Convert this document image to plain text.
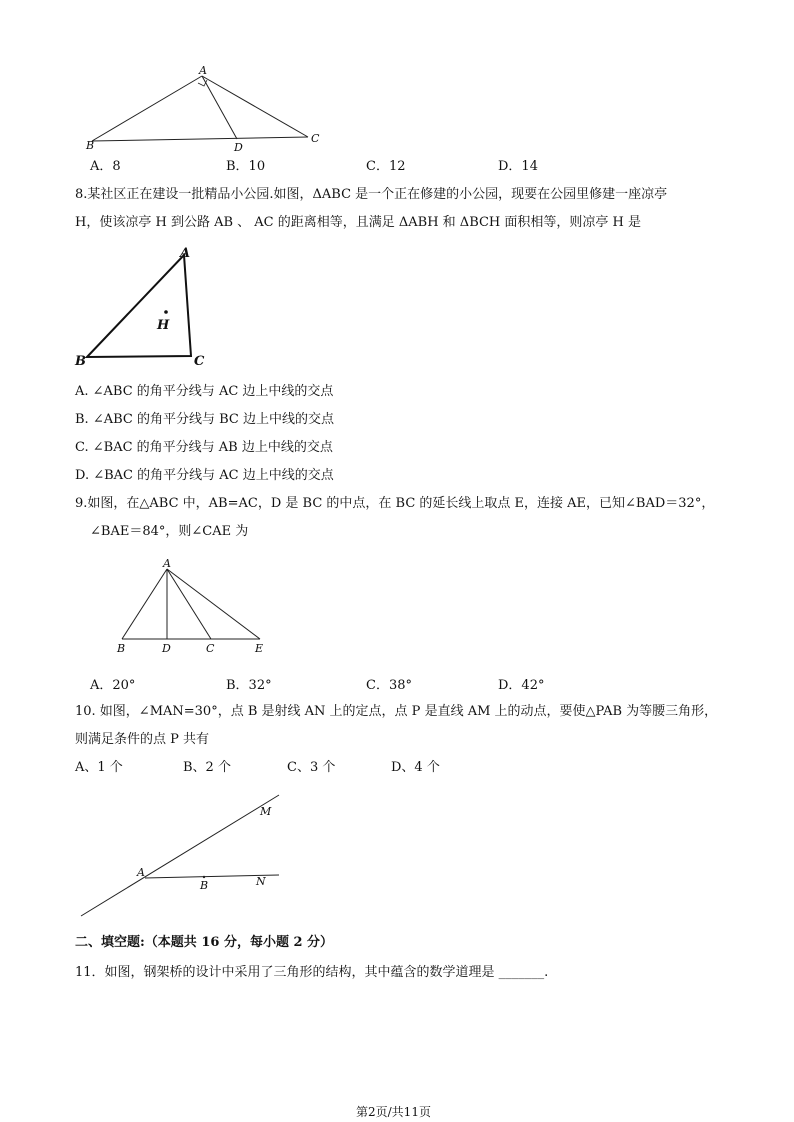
A
B
C
D
A．8	B．10	C．12	D．14
8.某社区正在建设一批精品小公园.如图，ΔABC 是一个正在修建的小公园，现要在公园里修建一座凉亭
H，使该凉亭 H 到公路 AB 、 AC 的距离相等，且满足 ΔABH 和 ΔBCH 面积相等，则凉亭 H 是
A
B	C
H
A. ∠ABC 的角平分线与 AC 边上中线的交点
B. ∠ABC 的角平分线与 BC 边上中线的交点
C. ∠BAC 的角平分线与 AB 边上中线的交点
D. ∠BAC 的角平分线与 AC 边上中线的交点
9.如图，在△ABC 中，AB=AC，D 是 BC 的中点，在 BC 的延长线上取点 E，连接 AE，已知∠BAD＝32°，
∠BAE＝84°，则∠CAE 为
A
B	D	C	E
A．20°	B．32°	C．38°	D．42°
10. 如图，∠MAN=30°，点 B 是射线 AN 上的定点，点 P 是直线 AM 上的动点，要使△PAB 为等腰三角形，
则满足条件的点 P 共有
A、1 个	B、2 个	C、3 个	D、4 个
A
B
M
N
二、填空题:（本题共 16 分，每小题 2 分）
11．如图，钢架桥的设计中采用了三角形的结构，其中蕴含的数学道理是 _______.
第2页/共11页
